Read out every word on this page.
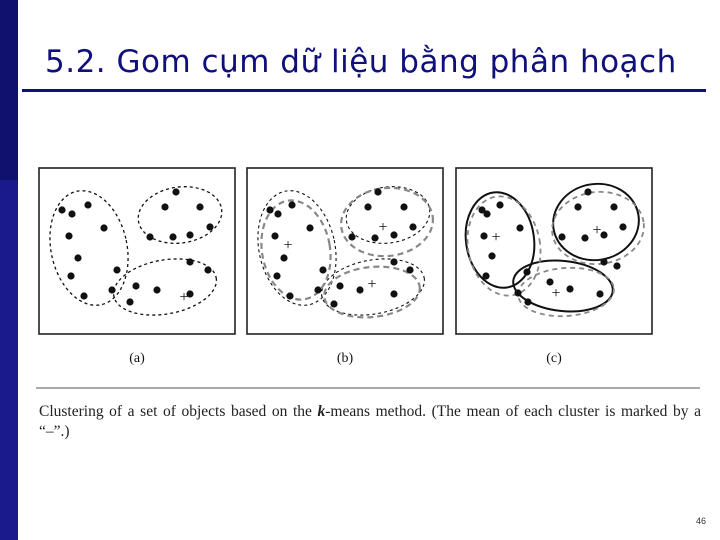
5.2. Gom cụm dữ liệu bằng phân hoạch
+
+
+
+
+	+
+
(a)	(b)	(c)
Clustering of a set of objects based on the k-means method. (The mean of each cluster is marked by a “–”.)
46
